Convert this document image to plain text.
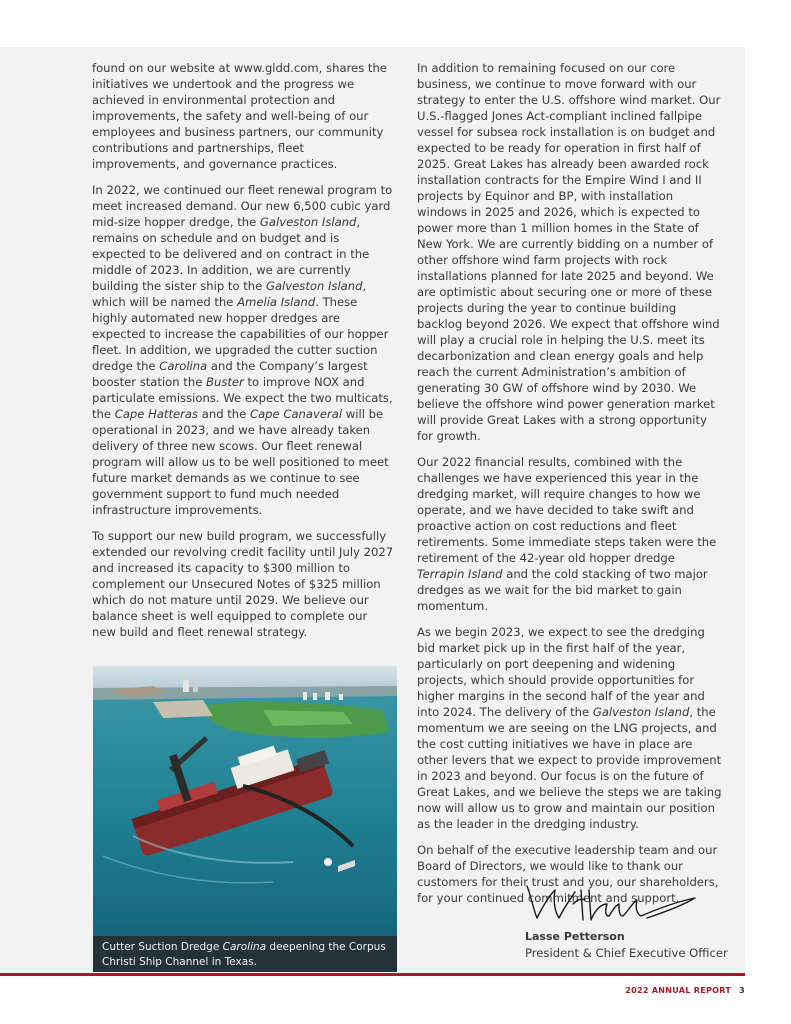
found on our website at www.gldd.com, shares the initiatives we undertook and the progress we achieved in environmental protection and improvements, the safety and well-being of our employees and business partners, our community contributions and partnerships, fleet improvements, and governance practices.

In 2022, we continued our fleet renewal program to meet increased demand. Our new 6,500 cubic yard mid-size hopper dredge, the Galveston Island, remains on schedule and on budget and is expected to be delivered and on contract in the middle of 2023. In addition, we are currently building the sister ship to the Galveston Island, which will be named the Amelia Island. These highly automated new hopper dredges are expected to increase the capabilities of our hopper fleet. In addition, we upgraded the cutter suction dredge the Carolina and the Company’s largest booster station the Buster to improve NOX and particulate emissions. We expect the two multicats, the Cape Hatteras and the Cape Canaveral will be operational in 2023, and we have already taken delivery of three new scows. Our fleet renewal program will allow us to be well positioned to meet future market demands as we continue to see government support to fund much needed infrastructure improvements.

To support our new build program, we successfully extended our revolving credit facility until July 2027 and increased its capacity to $300 million to complement our Unsecured Notes of $325 million which do not mature until 2029. We believe our balance sheet is well equipped to complete our new build and fleet renewal strategy.

In addition to remaining focused on our core business, we continue to move forward with our strategy to enter the U.S. offshore wind market. Our U.S.-flagged Jones Act-compliant inclined fallpipe vessel for subsea rock installation is on budget and expected to be ready for operation in first half of 2025. Great Lakes has already been awarded rock installation contracts for the Empire Wind I and II projects by Equinor and BP, with installation windows in 2025 and 2026, which is expected to power more than 1 million homes in the State of New York. We are currently bidding on a number of other offshore wind farm projects with rock installations planned for late 2025 and beyond. We are optimistic about securing one or more of these projects during the year to continue building backlog beyond 2026. We expect that offshore wind will play a crucial role in helping the U.S. meet its decarbonization and clean energy goals and help reach the current Administration’s ambition of generating 30 GW of offshore wind by 2030. We believe the offshore wind power generation market will provide Great Lakes with a strong opportunity for growth.

Our 2022 financial results, combined with the challenges we have experienced this year in the dredging market, will require changes to how we operate, and we have decided to take swift and proactive action on cost reductions and fleet retirements. Some immediate steps taken were the retirement of the 42-year old hopper dredge Terrapin Island and the cold stacking of two major dredges as we wait for the bid market to gain momentum.

As we begin 2023, we expect to see the dredging bid market pick up in the first half of the year, particularly on port deepening and widening projects, which should provide opportunities for higher margins in the second half of the year and into 2024. The delivery of the Galveston Island, the momentum we are seeing on the LNG projects, and the cost cutting initiatives we have in place are other levers that we expect to provide improvement in 2023 and beyond. Our focus is on the future of Great Lakes, and we believe the steps we are taking now will allow us to grow and maintain our position as the leader in the dredging industry.

On behalf of the executive leadership team and our Board of Directors, we would like to thank our customers for their trust and you, our shareholders, for your continued commitment and support.

Cutter Suction Dredge Carolina deepening the Corpus Christi Ship Channel in Texas.
Lasse Petterson
President & Chief Executive Officer
2022 ANNUAL REPORT 3
